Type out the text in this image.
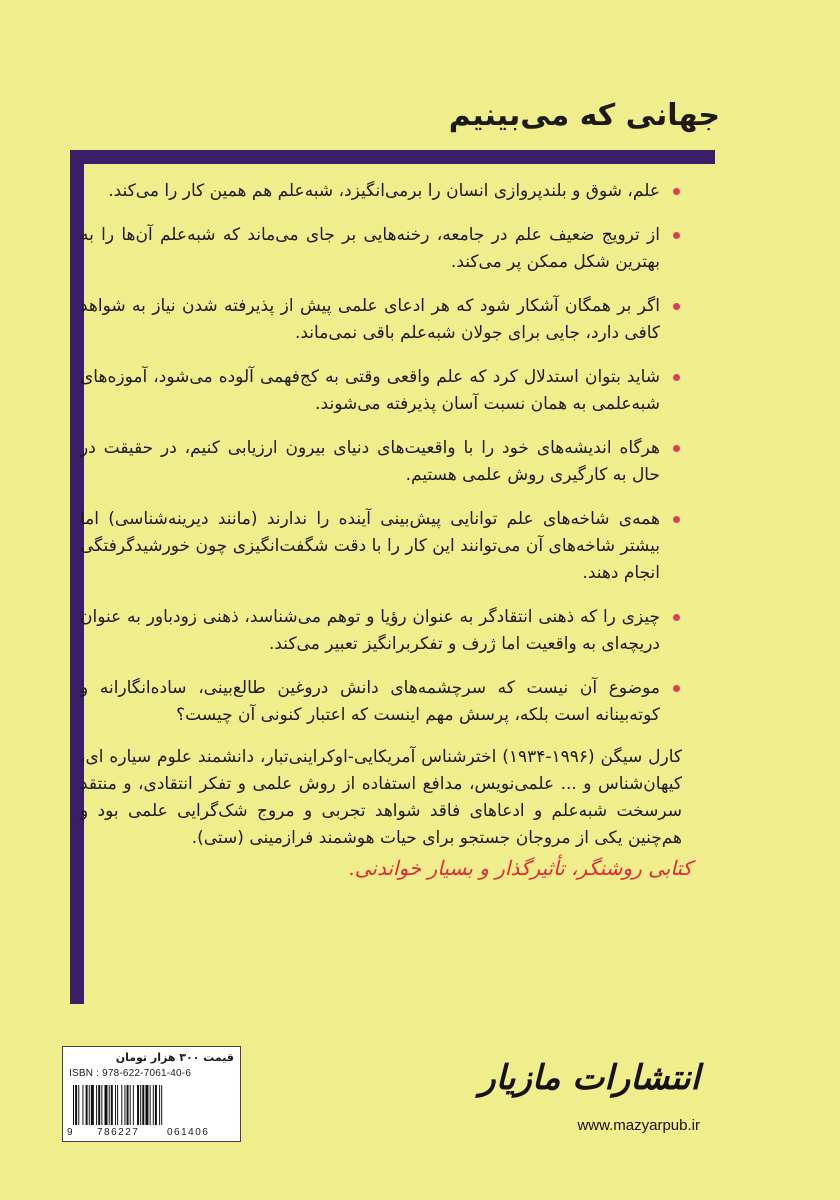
جهانی که می‌بینیم
علم، شوق و بلندپروازی انسان را برمی‌انگیزد، شبه‌علم هم همین کار را می‌کند.
از ترویج ضعیف علم در جامعه، رخنه‌هایی بر جای می‌ماند که شبه‌علم آن‌ها را به بهترین شکل ممکن پر می‌کند.
اگر بر همگان آشکار شود که هر ادعای علمی پیش از پذیرفته شدن نیاز به شواهد کافی دارد، جایی برای جولان شبه‌علم باقی نمی‌ماند.
شاید بتوان استدلال کرد که علم واقعی وقتی به کج‌فهمی آلوده می‌شود، آموزه‌های شبه‌علمی به همان نسبت آسان پذیرفته می‌شوند.
هرگاه اندیشه‌های خود را با واقعیت‌های دنیای بیرون ارزیابی کنیم، در حقیقت در حال به کارگیری روش علمی هستیم.
همه‌ی شاخه‌های علم توانایی پیش‌بینی آینده را ندارند (مانند دیرینه‌شناسی) اما بیشتر شاخه‌های آن می‌توانند این کار را با دقت شگفت‌انگیزی چون خورشیدگرفتگی انجام دهند.
چیزی را که ذهنی انتقادگر به عنوان رؤیا و توهم می‌شناسد، ذهنی زودباور به عنوان دریچه‌ای به واقعیت اما ژرف و تفکربرانگیز تعبیر می‌کند.
موضوع آن نیست که سرچشمه‌های دانش دروغین طالع‌بینی، ساده‌انگارانه و کوته‌بینانه است بلکه، پرسش مهم اینست که اعتبار کنونی آن چیست؟
کارل سیگن (۱۹۹۶-۱۹۳۴) اخترشناس آمریکایی-اوکراینی‌تبار، دانشمند علوم سیاره ای، کیهان‌شناس و ... علمی‌نویس، مدافع استفاده از روش علمی و تفکر انتقادی، و منتقد سرسخت شبه‌علم و ادعاهای فاقد شواهد تجربی و مروج شک‌گرایی علمی بود و هم‌چنین یکی از مروجان جستجو برای حیات هوشمند فرازمینی (ستی).
کتابی روشنگر، تأثیرگذار و بسیار خواندنی.
قیمت ۳۰۰ هزار تومان
ISBN : 978-622-7061-40-6
9 786227	061406
انتشارات مازیار
www.mazyarpub.ir
